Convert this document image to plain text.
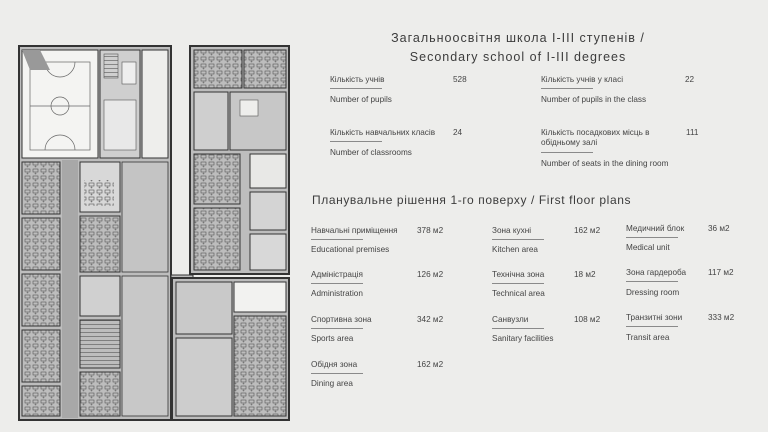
Загальноосвітня школа I-III ступенів /
Secondary school of I-III degrees
Кількість учнів
Number of pupils
528	Кількість учнів у класі
Number of pupils in the class
22
Кількість навчальних класів
Number of classrooms
24	Кількість посадкових місць в обідньому залі
Number of seats in the dining room
111
Планувальне рішення 1-го поверху / First floor plans
Навчальні приміщення
Educational premises
378 м2
Адміністрація
Administration
126 м2
Спортивна зона
Sports area
342 м2
Обідня зона
Dining area
162 м2
Зона кухні
Kitchen area
162 м2
Технічна зона
Technical area
18 м2
Санвузли
Sanitary facilities
108 м2
Медичний блок
Medical unit
36 м2
Зона гардероба
Dressing room
117 м2
Транзитні зони
Transit area
333 м2
